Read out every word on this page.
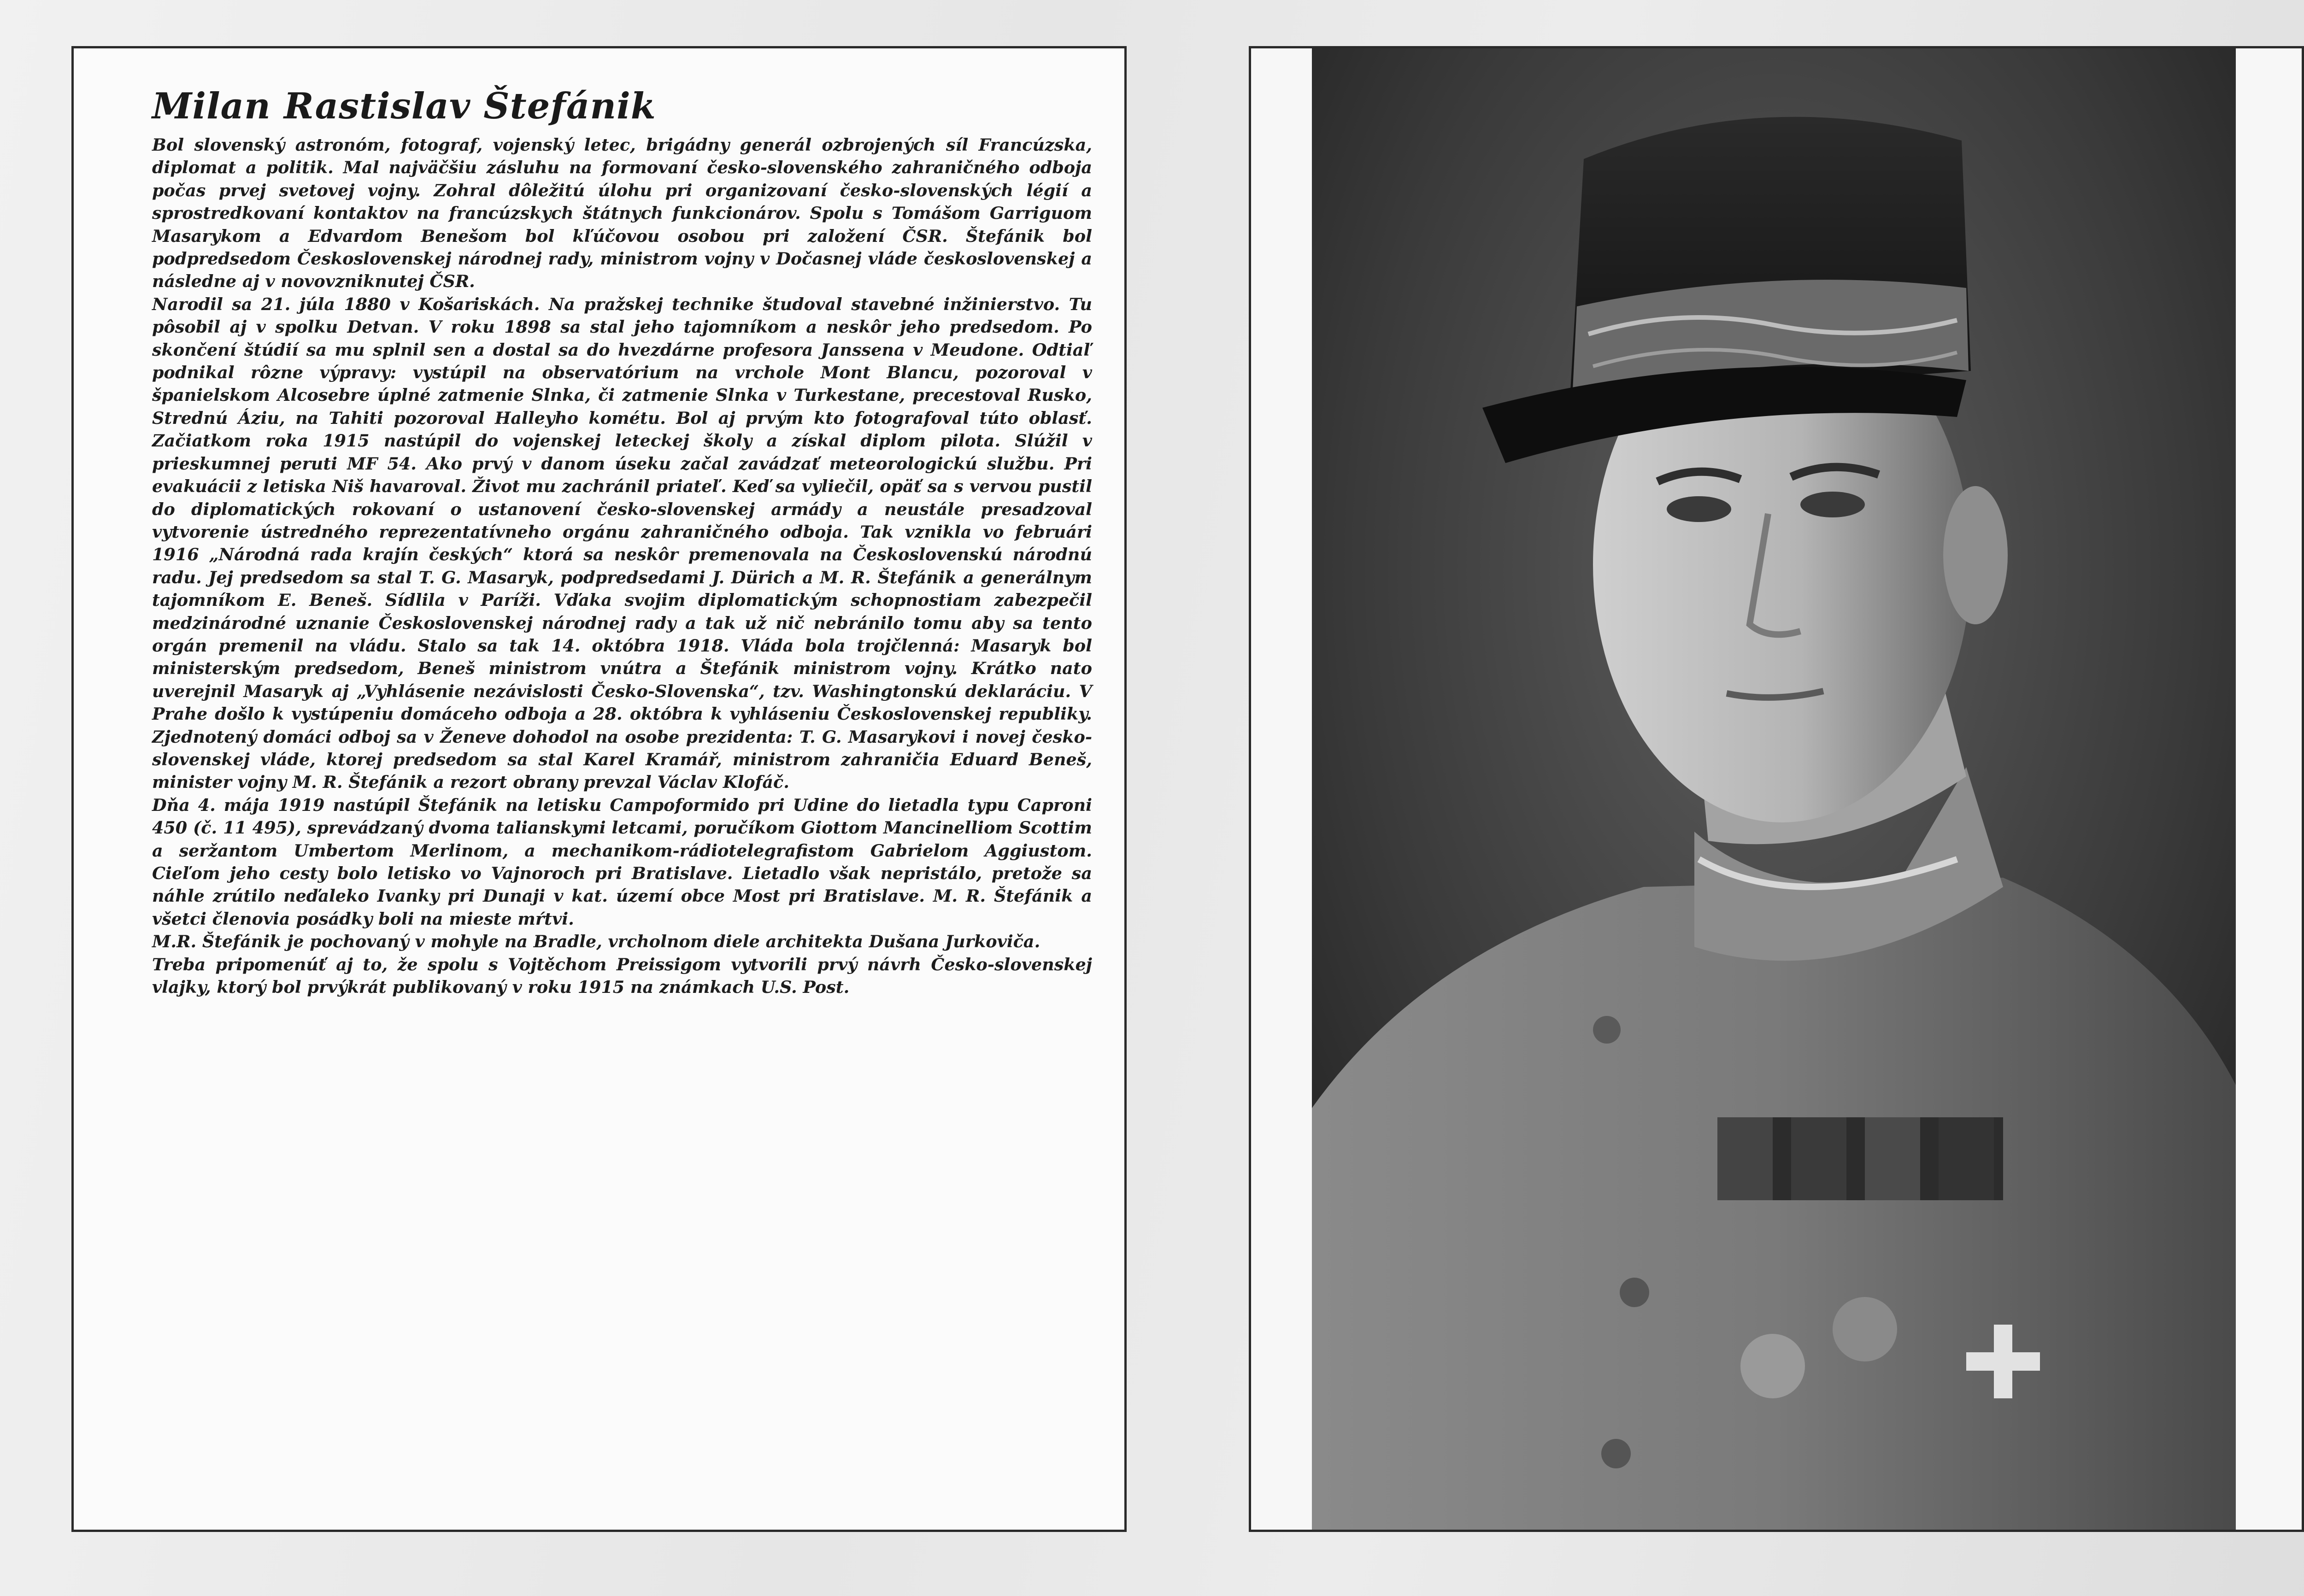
Milan Rastislav Štefánik

Bol slovenský astronóm, fotograf, vojenský letec, brigádny generál ozbrojených síl Francúzska, diplomat a politik. Mal najväčšiu zásluhu na formovaní česko-slovenského zahraničného odboja počas prvej svetovej vojny. Zohral dôležitú úlohu pri organizovaní česko-slovenských légií a sprostredkovaní kontaktov na francúzskych štátnych funkcionárov. Spolu s Tomášom Garriguom Masarykom a Edvardom Benešom bol kľúčovou osobou pri založení ČSR. Štefánik bol podpredsedom Československej národnej rady, ministrom vojny v Dočasnej vláde československej a následne aj v novovzniknutej ČSR.

Narodil sa 21. júla 1880 v Košariskách. Na pražskej technike študoval stavebné inžinierstvo. Tu pôsobil aj v spolku Detvan. V roku 1898 sa stal jeho tajomníkom a neskôr jeho predsedom. Po skončení štúdií sa mu splnil sen a dostal sa do hvezdárne profesora Janssena v Meudone. Odtiaľ podnikal rôzne výpravy: vystúpil na observatórium na vrchole Mont Blancu, pozoroval v španielskom Alcosebre úplné zatmenie Slnka, či zatmenie Slnka v Turkestane, precestoval Rusko, Strednú Áziu, na Tahiti pozoroval Halleyho kométu. Bol aj prvým kto fotografoval túto oblasť. Začiatkom roka 1915 nastúpil do vojenskej leteckej školy a získal diplom pilota. Slúžil v prieskumnej peruti MF 54. Ako prvý v danom úseku začal zavádzať meteorologickú službu. Pri evakuácii z letiska Niš havaroval. Život mu zachránil priateľ. Keď sa vyliečil, opäť sa s vervou pustil do diplomatických rokovaní o ustanovení česko-slovenskej armády a neustále presadzoval vytvorenie ústredného reprezentatívneho orgánu zahraničného odboja. Tak vznikla vo februári 1916 „Národná rada krajín českých“ ktorá sa neskôr premenovala na Československú národnú radu. Jej predsedom sa stal T. G. Masaryk, podpredsedami J. Dürich a M. R. Štefánik a generálnym tajomníkom E. Beneš. Sídlila v Paríži. Vďaka svojim diplomatickým schopnostiam zabezpečil medzinárodné uznanie Československej národnej rady a tak už nič nebránilo tomu aby sa tento orgán premenil na vládu. Stalo sa tak 14. októbra 1918. Vláda bola trojčlenná: Masaryk bol ministerským predsedom, Beneš ministrom vnútra a Štefánik ministrom vojny. Krátko nato uverejnil Masaryk aj „Vyhlásenie nezávislosti Česko-Slovenska“, tzv. Washingtonskú deklaráciu. V Prahe došlo k vystúpeniu domáceho odboja a 28. októbra k vyhláseniu Československej republiky. Zjednotený domáci odboj sa v Ženeve dohodol na osobe prezidenta: T. G. Masarykovi i novej česko-slovenskej vláde, ktorej predsedom sa stal Karel Kramář, ministrom zahraničia Eduard Beneš, minister vojny M. R. Štefánik a rezort obrany prevzal Václav Klofáč.

Dňa 4. mája 1919 nastúpil Štefánik na letisku Campoformido pri Udine do lietadla typu Caproni 450 (č. 11 495), sprevádzaný dvoma talianskymi letcami, poručíkom Giottom Mancinelliom Scottim a seržantom Umbertom Merlinom, a mechanikom-rádiotelegrafistom Gabrielom Aggiustom. Cieľom jeho cesty bolo letisko vo Vajnoroch pri Bratislave. Lietadlo však nepristálo, pretože sa náhle zrútilo neďaleko Ivanky pri Dunaji v kat. území obce Most pri Bratislave. M. R. Štefánik a všetci členovia posádky boli na mieste mŕtvi.

M.R. Štefánik je pochovaný v mohyle na Bradle, vrcholnom diele architekta Dušana Jurkoviča.

Treba pripomenúť aj to, že spolu s Vojtěchom Preissigom vytvorili prvý návrh Česko-slovenskej vlajky, ktorý bol prvýkrát publikovaný v roku 1915 na známkach U.S. Post.
